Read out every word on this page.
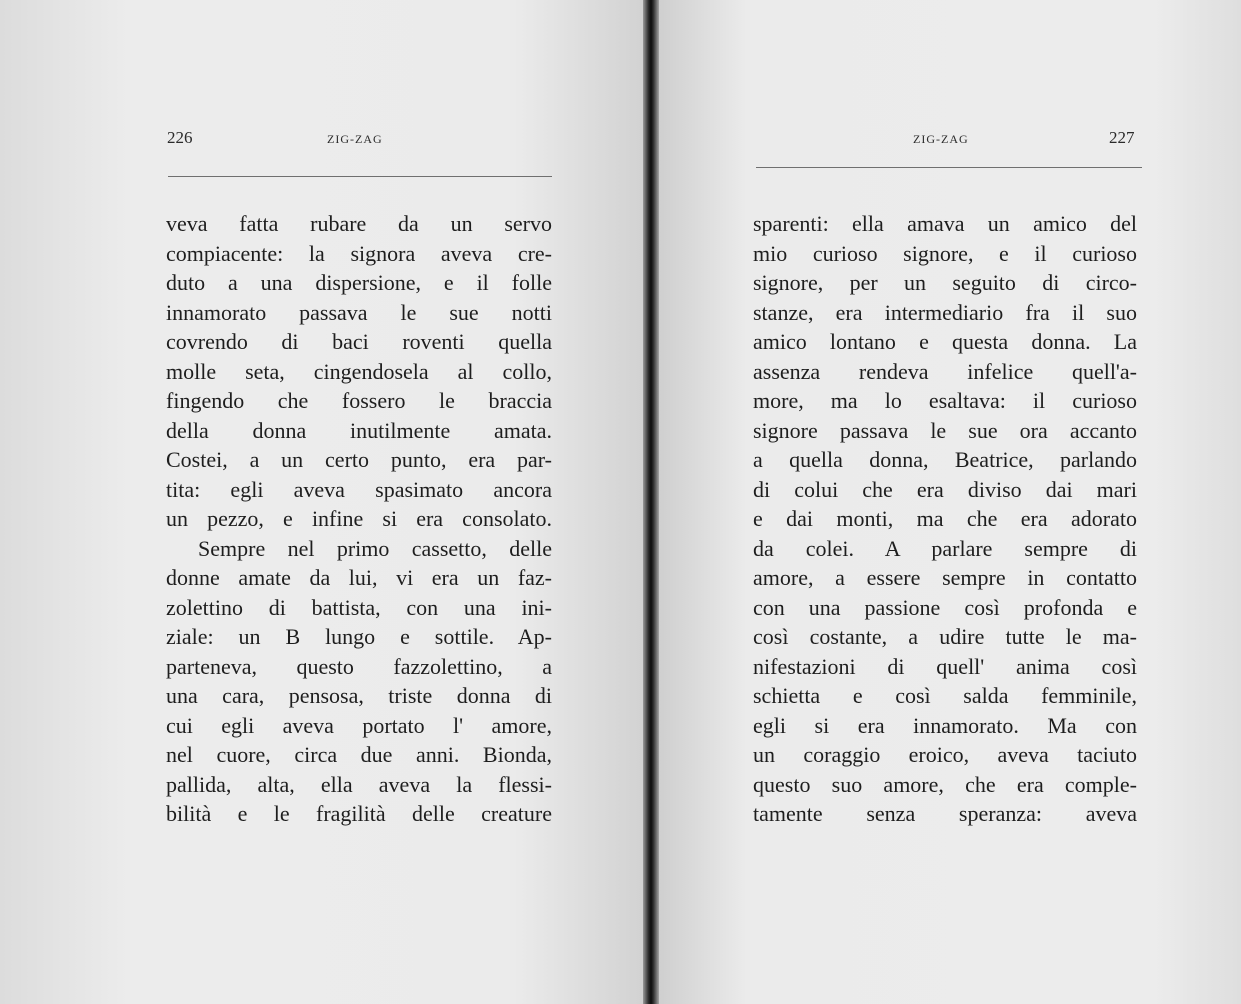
226	ZIG-ZAG
veva fatta rubare da un servo
compiacente: la signora aveva cre-
duto a una dispersione, e il folle
innamorato passava le sue notti
covrendo di baci roventi quella
molle seta, cingendosela al collo,
fingendo che fossero le braccia
della donna inutilmente amata.
Costei, a un certo punto, era par-
tita: egli aveva spasimato ancora
un pezzo, e infine si era consolato.
Sempre nel primo cassetto, delle
donne amate da lui, vi era un faz-
zolettino di battista, con una ini-
ziale: un B lungo e sottile. Ap-
parteneva, questo fazzolettino, a
una cara, pensosa, triste donna di
cui egli aveva portato l' amore,
nel cuore, circa due anni. Bionda,
pallida, alta, ella aveva la flessi-
bilità e le fragilità delle creature
ZIG-ZAG	227
sparenti: ella amava un amico del
mio curioso signore, e il curioso
signore, per un seguito di circo-
stanze, era intermediario fra il suo
amico lontano e questa donna. La
assenza rendeva infelice quell'a-
more, ma lo esaltava: il curioso
signore passava le sue ora accanto
a quella donna, Beatrice, parlando
di colui che era diviso dai mari
e dai monti, ma che era adorato
da colei. A parlare sempre di
amore, a essere sempre in contatto
con una passione così profonda e
così costante, a udire tutte le ma-
nifestazioni di quell' anima così
schietta e così salda femminile,
egli si era innamorato. Ma con
un coraggio eroico, aveva taciuto
questo suo amore, che era comple-
tamente senza speranza: aveva
